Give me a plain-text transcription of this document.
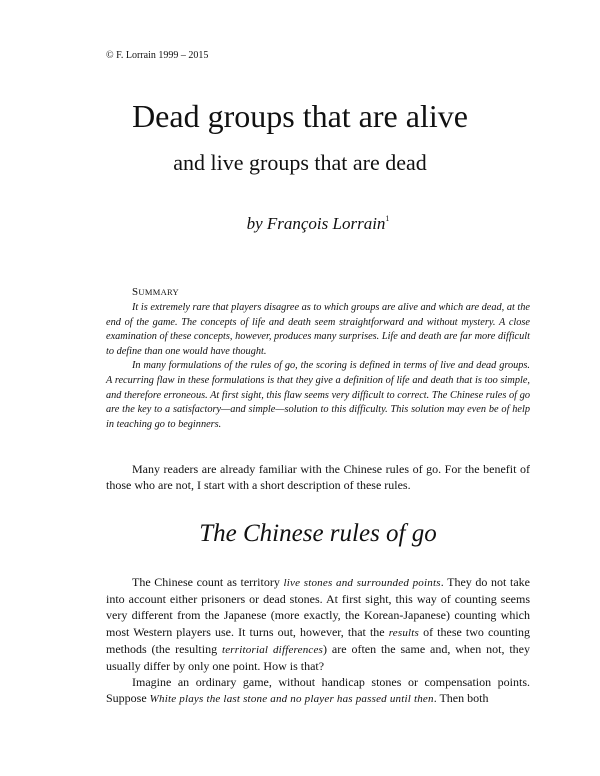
© F. Lorrain 1999 – 2015
Dead groups that are alive
and live groups that are dead
by François Lorrain$^1$
SUMMARY

It is extremely rare that players disagree as to which groups are alive and which are dead, at the end of the game. The concepts of life and death seem straightforward and without mystery. A close examination of these concepts, however, produces many surprises. Life and death are far more difficult to define than one would have thought.

In many formulations of the rules of go, the scoring is defined in terms of live and dead groups. A recurring flaw in these formulations is that they give a definition of life and death that is too simple, and therefore erroneous. At first sight, this flaw seems very difficult to correct. The Chinese rules of go are the key to a satisfactory—and simple—solution to this difficulty. This solution may even be of help in teaching go to beginners.

Many readers are already familiar with the Chinese rules of go. For the benefit of those who are not, I start with a short description of these rules.

The Chinese rules of go

The Chinese count as territory live stones and surrounded points. They do not take into account either prisoners or dead stones. At first sight, this way of counting seems very different from the Japanese (more exactly, the Korean-Japanese) counting which most Western players use. It turns out, however, that the results of these two counting methods (the resulting territorial differences) are often the same and, when not, they usually differ by only one point. How is that?

Imagine an ordinary game, without handicap stones or compensation points. Suppose White plays the last stone and no player has passed until then. Then both
